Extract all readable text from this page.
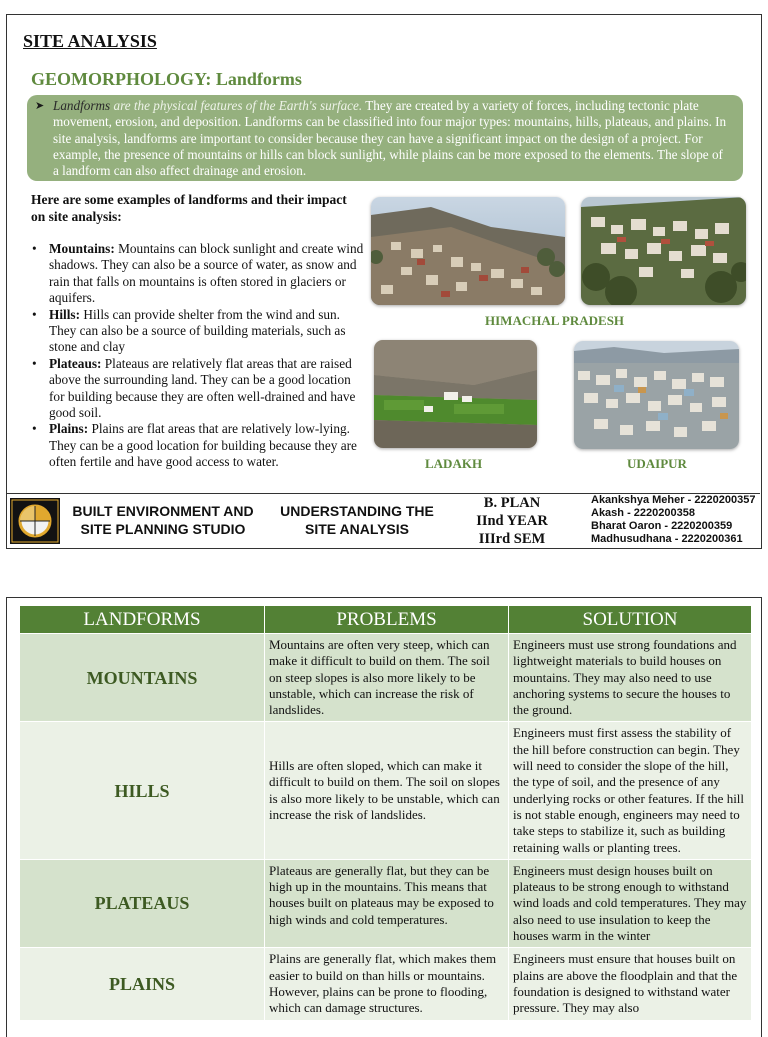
SITE ANALYSIS
GEOMORPHOLOGY: Landforms
➤ Landforms are the physical features of the Earth's surface. They are created by a variety of forces, including tectonic plate movement, erosion, and deposition. Landforms can be classified into four major types: mountains, hills, plateaus, and plains. In site analysis, landforms are important to consider because they can have a significant impact on the design of a project. For example, the presence of mountains or hills can block sunlight, while plains can be more exposed to the elements. The slope of a landform can also affect drainage and erosion.
Here are some examples of landforms and their impact on site analysis:
• Mountains: Mountains can block sunlight and create wind shadows. They can also be a source of water, as snow and rain that falls on mountains is often stored in glaciers or aquifers.
• Hills: Hills can provide shelter from the wind and sun. They can also be a source of building materials, such as stone and clay
• Plateaus: Plateaus are relatively flat areas that are raised above the surrounding land. They can be a good location for building because they are often well-drained and have good soil.
• Plains: Plains are flat areas that are relatively low-lying. They can be a good location for building because they are often fertile and have good access to water.
HIMACHAL PRADESH
LADAKH	UDAIPUR
BUILT ENVIRONMENT AND
SITE PLANNING STUDIO
UNDERSTANDING THE
SITE ANALYSIS
B. PLAN
IInd YEAR
IIIrd SEM
Akankshya Meher - 2220200357
Akash - 2220200358
Bharat Oaron - 2220200359
Madhusudhana - 2220200361
LANDFORMS	PROBLEMS	SOLUTION
MOUNTAINS	Mountains are often very steep, which can make it difficult to build on them. The soil on steep slopes is also more likely to be unstable, which can increase the risk of landslides.	Engineers must use strong foundations and lightweight materials to build houses on mountains. They may also need to use anchoring systems to secure the houses to the ground.
HILLS	Hills are often sloped, which can make it difficult to build on them. The soil on slopes is also more likely to be unstable, which can increase the risk of landslides.	Engineers must first assess the stability of the hill before construction can begin. They will need to consider the slope of the hill, the type of soil, and the presence of any underlying rocks or other features. If the hill is not stable enough, engineers may need to take steps to stabilize it, such as building retaining walls or planting trees.
PLATEAUS	Plateaus are generally flat, but they can be high up in the mountains. This means that houses built on plateaus may be exposed to high winds and cold temperatures.	Engineers must design houses built on plateaus to be strong enough to withstand wind loads and cold temperatures. They may also need to use insulation to keep the houses warm in the winter
PLAINS	Plains are generally flat, which makes them easier to build on than hills or mountains. However, plains can be prone to flooding, which can damage structures.	Engineers must ensure that houses built on plains are above the floodplain and that the foundation is designed to withstand water pressure. They may also
